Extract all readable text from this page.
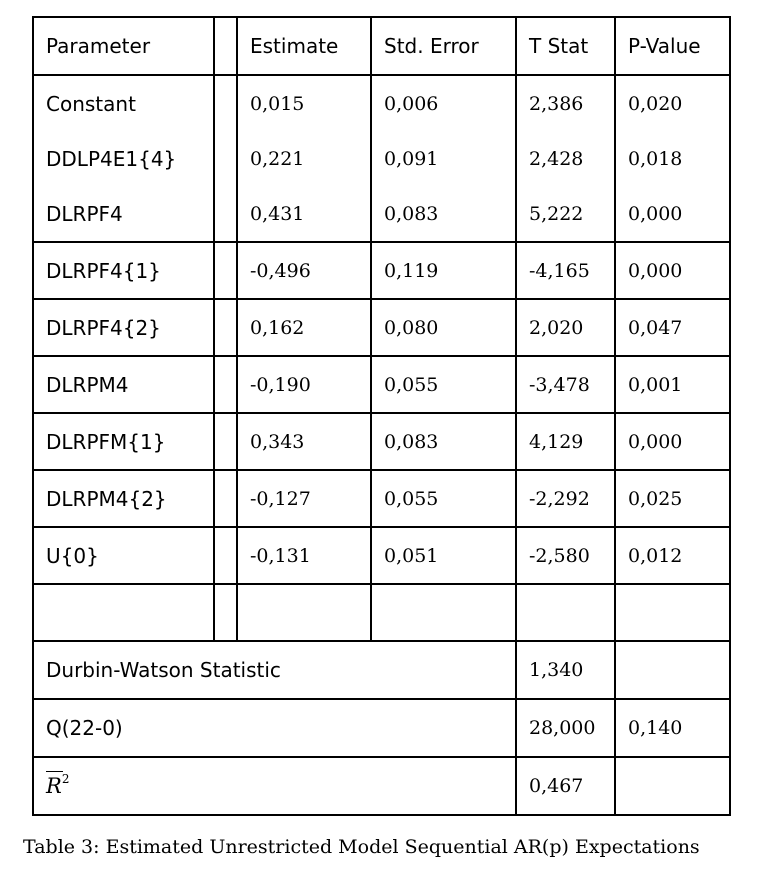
Parameter		Estimate	Std. Error	T Stat	P-Value
Constant		0,015	0,006	2,386	0,020
DDLP4E1{4}		0,221	0,091	2,428	0,018
DLRPF4		0,431	0,083	5,222	0,000
DLRPF4{1}		-0,496	0,119	-4,165	0,000
DLRPF4{2}		0,162	0,080	2,020	0,047
DLRPM4		-0,190	0,055	-3,478	0,001
DLRPFM{1}		0,343	0,083	4,129	0,000
DLRPM4{2}		-0,127	0,055	-2,292	0,025
U{0}		-0,131	0,051	-2,580	0,012

Durbin-Watson Statistic				1,340	
Q(22-0)				28,000	0,140

$R^2$				0,467	
Table 3: Estimated Unrestricted Model Sequential AR(p) Expectations
